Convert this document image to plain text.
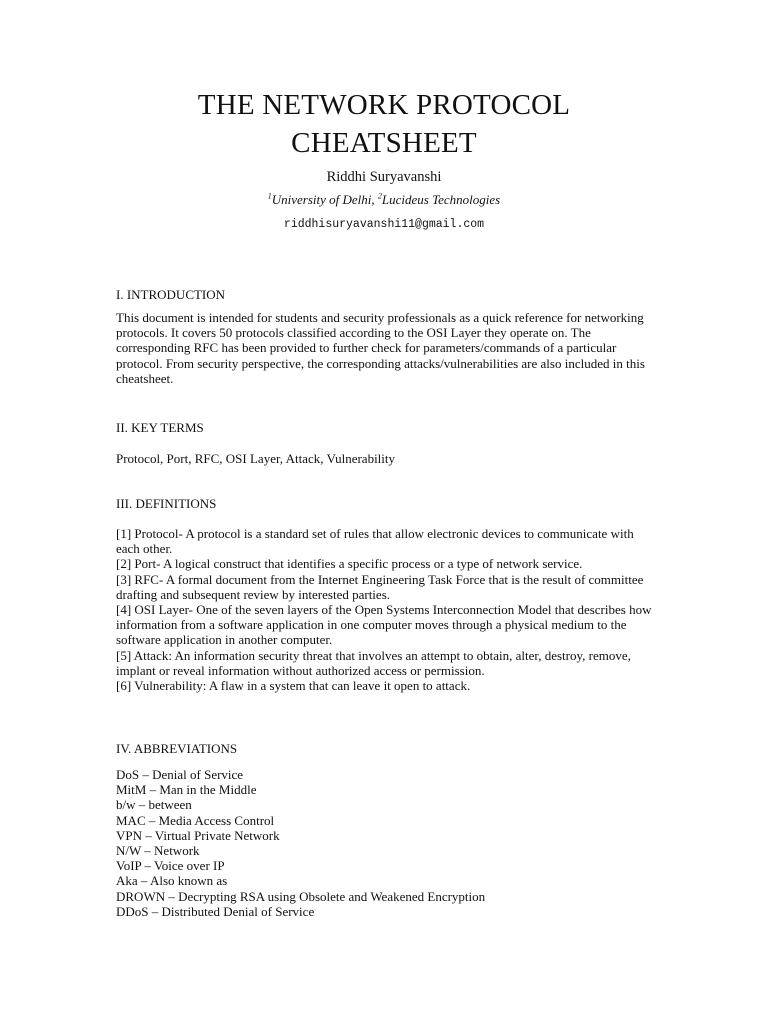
THE NETWORK PROTOCOL
CHEATSHEET
Riddhi Suryavanshi
$^1$University of Delhi, $^2$Lucideus Technologies
riddhisuryavanshi11@gmail.com
I. INTRODUCTION

This document is intended for students and security professionals as a quick reference for networking protocols. It covers 50 protocols classified according to the OSI Layer they operate on. The corresponding RFC has been provided to further check for parameters/commands of a particular protocol. From security perspective, the corresponding attacks/vulnerabilities are also included in this cheatsheet.

II. KEY TERMS

Protocol, Port, RFC, OSI Layer, Attack, Vulnerability

III. DEFINITIONS
[1] Protocol- A protocol is a standard set of rules that allow electronic devices to communicate with
each other.
[2] Port- A logical construct that identifies a specific process or a type of network service.
[3] RFC- A formal document from the Internet Engineering Task Force that is the result of committee
drafting and subsequent review by interested parties.
[4] OSI Layer- One of the seven layers of the Open Systems Interconnection Model that describes how
information from a software application in one computer moves through a physical medium to the
software application in another computer.
[5] Attack: An information security threat that involves an attempt to obtain, alter, destroy, remove,
implant or reveal information without authorized access or permission.
[6] Vulnerability: A flaw in a system that can leave it open to attack.
IV. ABBREVIATIONS
DoS – Denial of Service
MitM – Man in the Middle
b/w – between
MAC – Media Access Control
VPN – Virtual Private Network
N/W – Network
VoIP – Voice over IP
Aka – Also known as
DROWN – Decrypting RSA using Obsolete and Weakened Encryption
DDoS – Distributed Denial of Service
